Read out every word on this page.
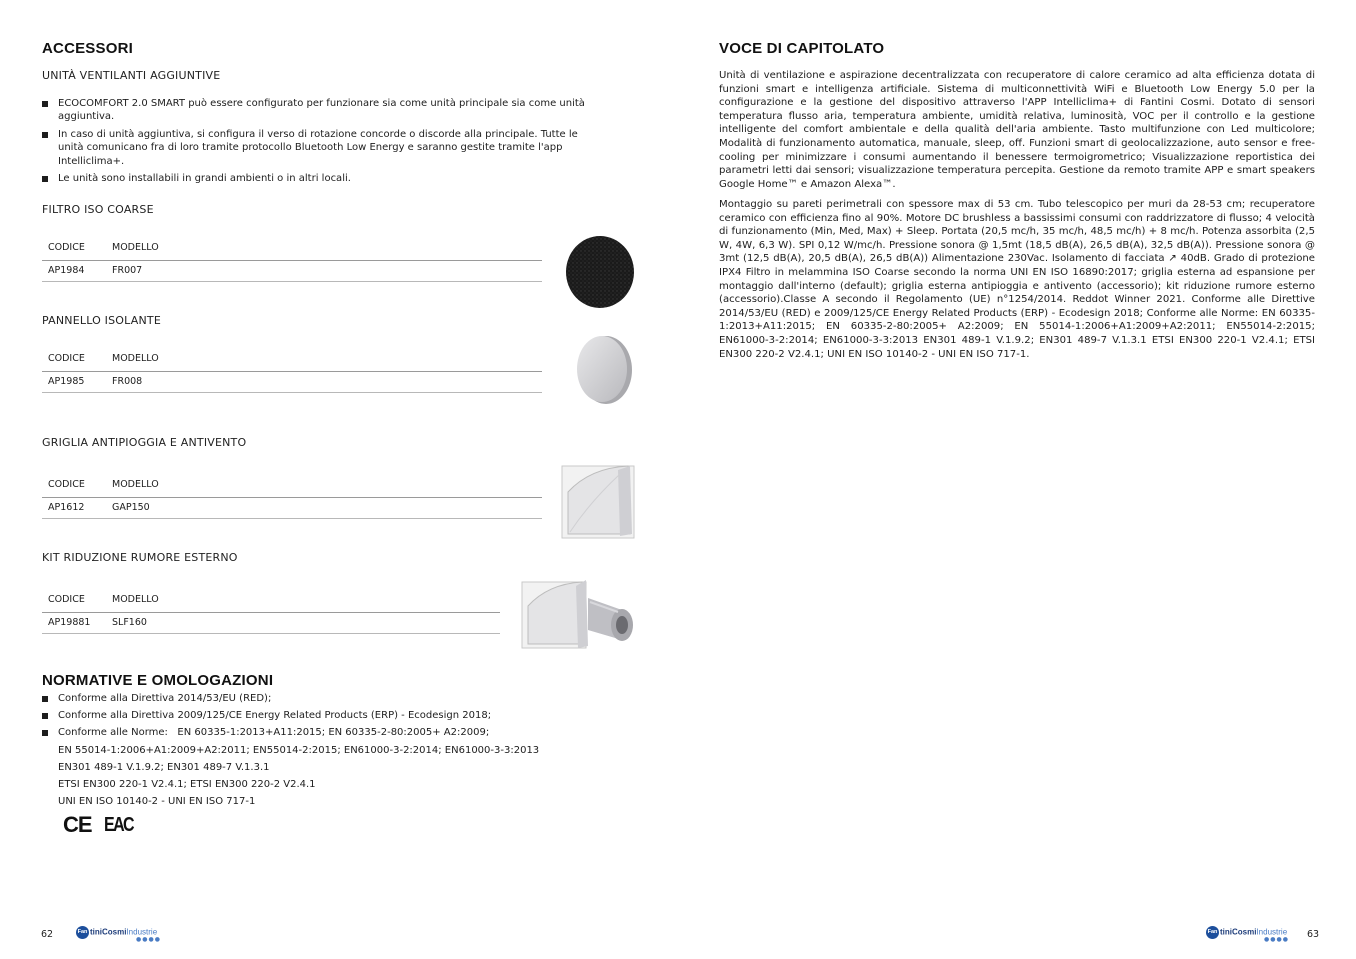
ACCESSORI
UNITÀ VENTILANTI AGGIUNTIVE
ECOCOMFORT 2.0 SMART può essere configurato per funzionare sia come unità principale sia come unità aggiuntiva.
In caso di unità aggiuntiva, si configura il verso di rotazione concorde o discorde alla principale. Tutte le unità comunicano fra di loro tramite protocollo Bluetooth Low Energy e saranno gestite tramite l'app Intelliclima+.
Le unità sono installabili in grandi ambienti o in altri locali.
FILTRO ISO COARSE
CODICE	MODELLO
AP1984	FR007
PANNELLO ISOLANTE
CODICE	MODELLO
AP1985	FR008
GRIGLIA ANTIPIOGGIA E ANTIVENTO
CODICE	MODELLO
AP1612	GAP150
KIT RIDUZIONE RUMORE ESTERNO
CODICE	MODELLO
AP19881 SLF160
NORMATIVE E OMOLOGAZIONI
Conforme alla Direttiva 2014/53/EU (RED);
Conforme alla Direttiva 2009/125/CE Energy Related Products (ERP) - Ecodesign 2018;
Conforme alle Norme:   EN 60335-1:2013+A11:2015; EN 60335-2-80:2005+ A2:2009;
EN 55014-1:2006+A1:2009+A2:2011; EN55014-2:2015; EN61000-3-2:2014; EN61000-3-3:2013
EN301 489-1 V.1.9.2; EN301 489-7 V.1.3.1
ETSI EN300 220-1 V2.4.1; ETSI EN300 220-2 V2.4.1
UNI EN ISO 10140-2 - UNI EN ISO 717-1
CE EAC
62	Fan tiniCosmiIndustrie
●●●●
VOCE DI CAPITOLATO
Unità di ventilazione e aspirazione decentralizzata con recuperatore di calore ceramico ad alta efficienza dotata di funzioni smart e intelligenza artificiale. Sistema di multiconnettività WiFi e Bluetooth Low Energy 5.0 per la configurazione e la gestione del dispositivo attraverso l'APP Intelliclima+ di Fantini Cosmi. Dotato di sensori temperatura flusso aria, temperatura ambiente, umidità relativa, luminosità, VOC per il controllo e la gestione intelligente del comfort ambientale e della qualità dell'aria ambiente. Tasto multifunzione con Led multicolore; Modalità di funzionamento automatica, manuale, sleep, off. Funzioni smart di geolocalizzazione, auto sensor e free-cooling per minimizzare i consumi aumentando il benessere termoigrometrico; Visualizzazione reportistica dei parametri letti dai sensori; visualizzazione temperatura percepita. Gestione da remoto tramite APP e smart speakers Google Home™ e Amazon Alexa™.
Montaggio su pareti perimetrali con spessore max di 53 cm. Tubo telescopico per muri da 28-53 cm; recuperatore ceramico con efficienza fino al 90%. Motore DC brushless a bassissimi consumi con raddrizzatore di flusso; 4 velocità di funzionamento (Min, Med, Max) + Sleep. Portata (20,5 mc/h, 35 mc/h, 48,5 mc/h) + 8 mc/h. Potenza assorbita (2,5 W, 4W, 6,3 W). SPI 0,12 W/mc/h. Pressione sonora @ 1,5mt (18,5 dB(A), 26,5 dB(A), 32,5 dB(A)). Pressione sonora @ 3mt (12,5 dB(A), 20,5 dB(A), 26,5 dB(A)) Alimentazione 230Vac. Isolamento di facciata ↗ 40dB. Grado di protezione IPX4 Filtro in melammina ISO Coarse secondo la norma UNI EN ISO 16890:2017; griglia esterna ad espansione per montaggio dall'interno (default); griglia esterna antipioggia e antivento (accessorio); kit riduzione rumore esterno (accessorio).Classe A secondo il Regolamento (UE) n°1254/2014. Reddot Winner 2021. Conforme alle Direttive 2014/53/EU (RED) e 2009/125/CE Energy Related Products (ERP) - Ecodesign 2018; Conforme alle Norme: EN 60335-1:2013+A11:2015; EN 60335-2-80:2005+ A2:2009; EN 55014-1:2006+A1:2009+A2:2011; EN55014-2:2015; EN61000-3-2:2014; EN61000-3-3:2013 EN301 489-1 V.1.9.2; EN301 489-7 V.1.3.1 ETSI EN300 220-1 V2.4.1; ETSI EN300 220-2 V2.4.1; UNI EN ISO 10140-2 - UNI EN ISO 717-1.
Fan tiniCosmiIndustrie
●●●● 63
